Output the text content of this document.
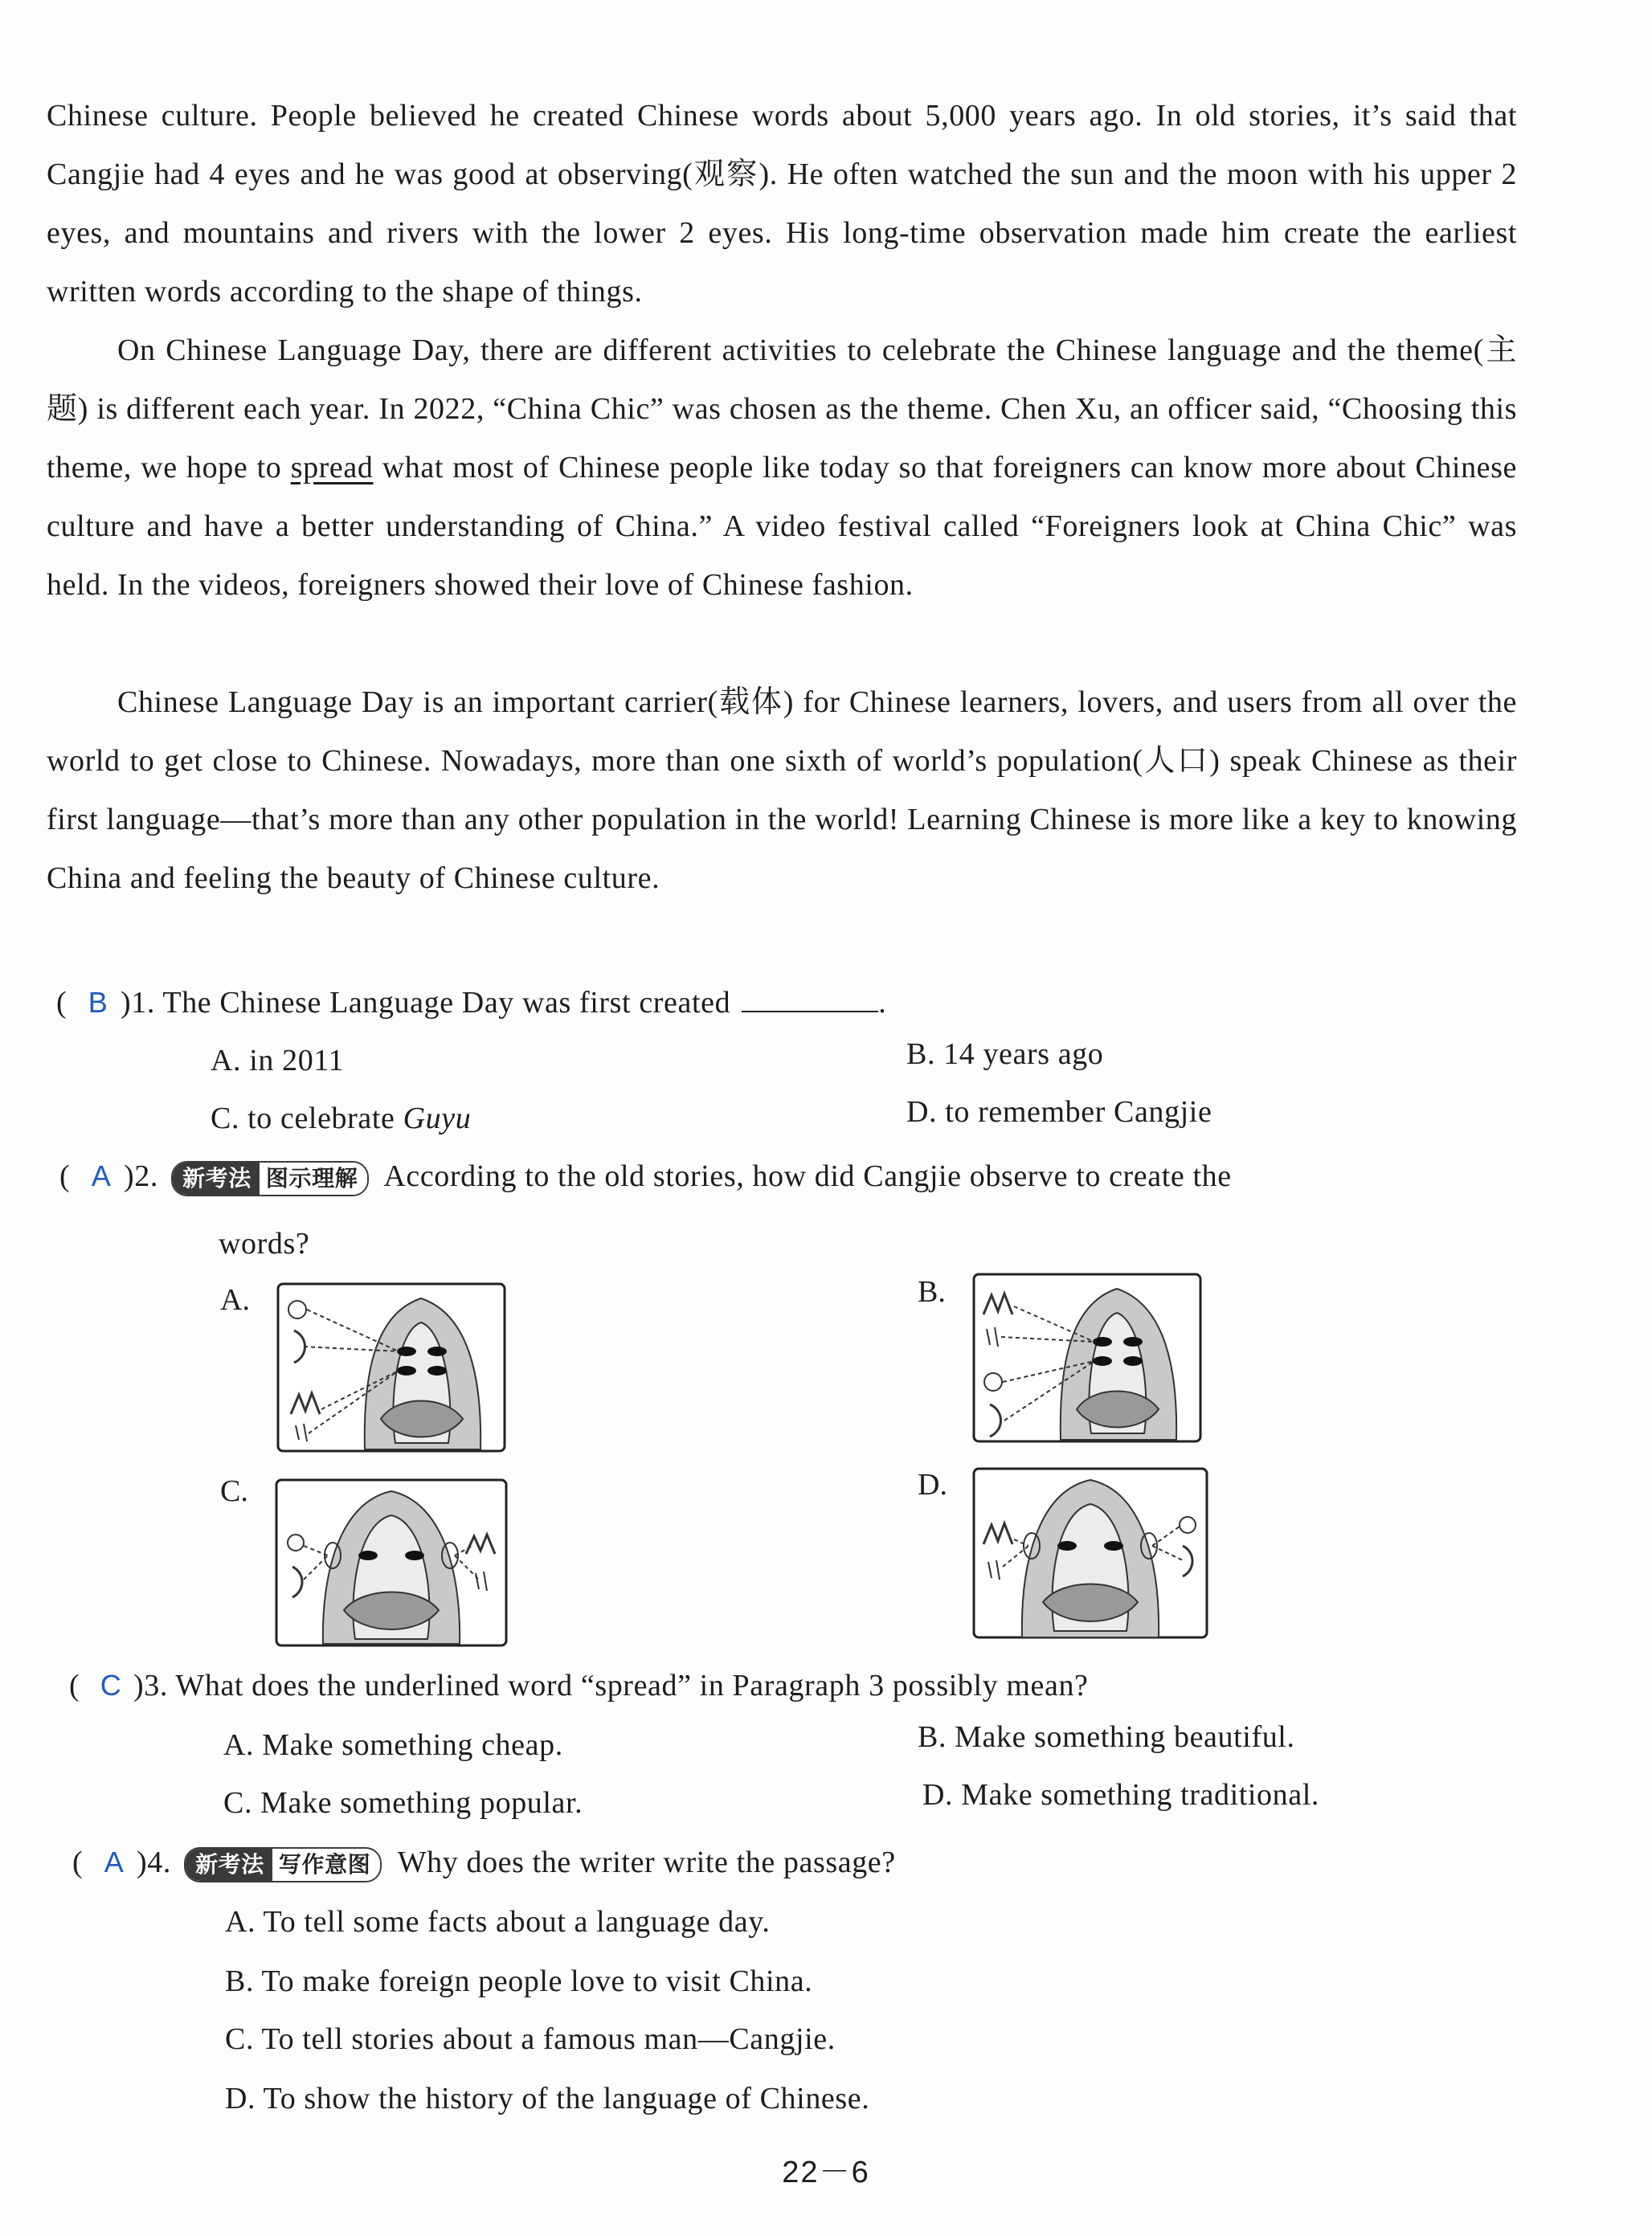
Chinese culture. People believed he created Chinese words about 5,000 years ago. In old stories, it’s said that Cangjie had 4 eyes and he was good at observing(观察). He often watched the sun and the moon with his upper 2 eyes, and mountains and rivers with the lower 2 eyes. His long-time observation made him create the earliest written words according to the shape of things.
On Chinese Language Day, there are different activities to celebrate the Chinese language and the theme(主题) is different each year. In 2022, “China Chic” was chosen as the theme. Chen Xu, an officer said, “Choosing this theme, we hope to spread what most of Chinese people like today so that foreigners can know more about Chinese culture and have a better understanding of China.” A video festival called “Foreigners look at China Chic” was held. In the videos, foreigners showed their love of Chinese fashion.
Chinese Language Day is an important carrier(载体) for Chinese learners, lovers, and users from all over the world to get close to Chinese. Nowadays, more than one sixth of world’s population(人口) speak Chinese as their first language—that’s more than any other population in the world! Learning Chinese is more like a key to knowing China and feeling the beauty of Chinese culture.
( B )1. The Chinese Language Day was first created	.
A. in 2011	B. 14 years ago
C. to celebrate Guyu	D. to remember Cangjie
( A )2.	新考法 图示理解 According to the old stories, how did Cangjie observe to create the
words?
A.	B.
C.	D.
( C )3. What does the underlined word “spread” in Paragraph 3 possibly mean?
A. Make something cheap.	B. Make something beautiful.
C. Make something popular.	D. Make something traditional.
( A )4.	新考法 写作意图 Why does the writer write the passage?
A. To tell some facts about a language day.
B. To make foreign people love to visit China.
C. To tell stories about a famous man—Cangjie.
D. To show the history of the language of Chinese.
22－6
